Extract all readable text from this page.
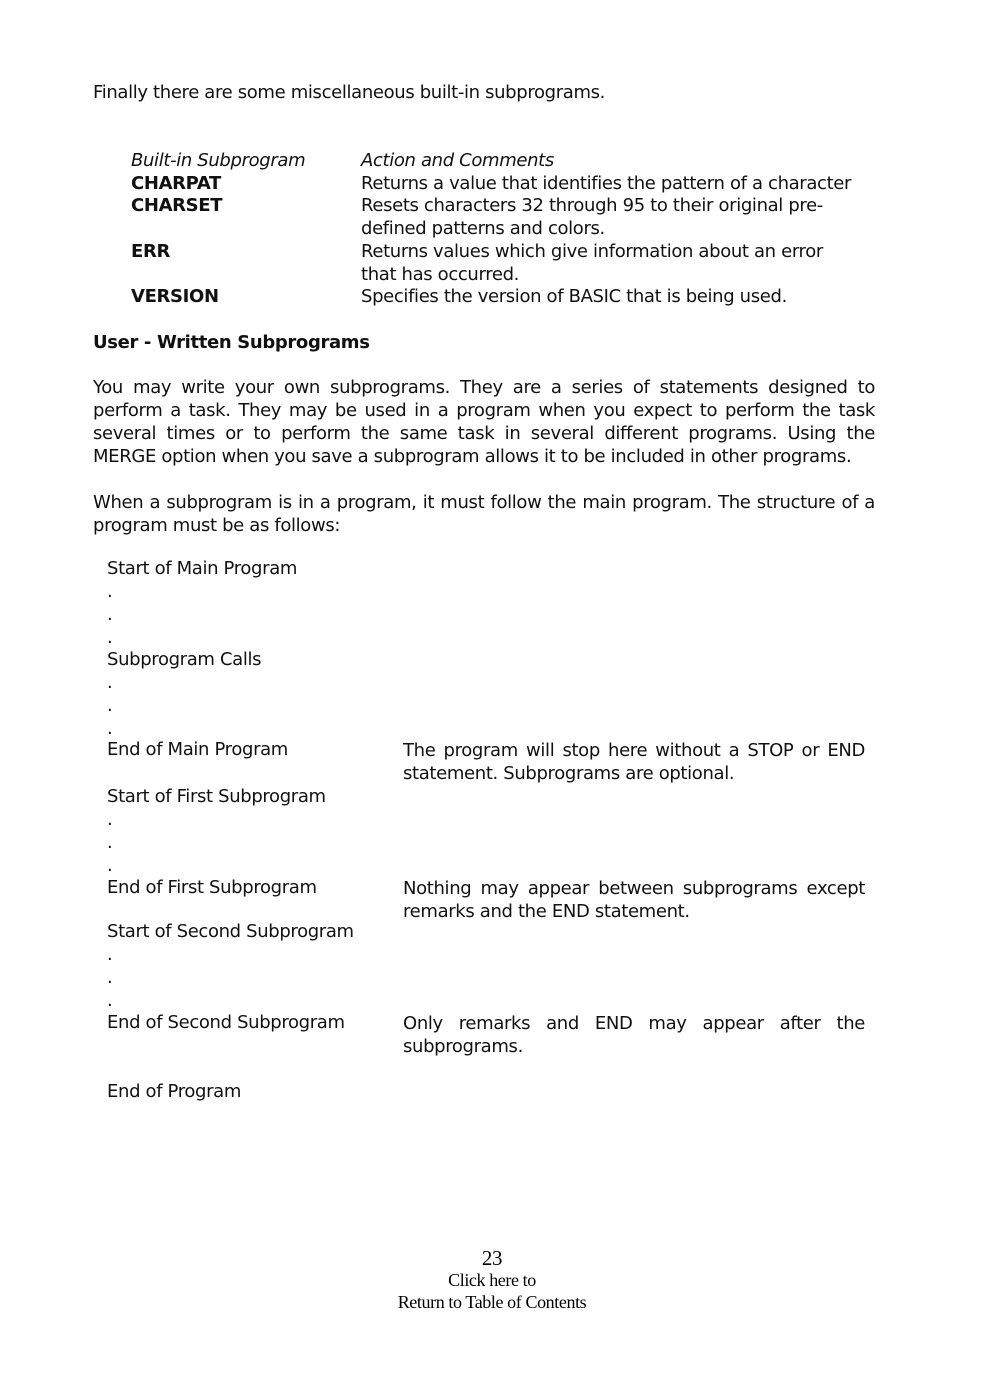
Finally there are some miscellaneous built-in subprograms.
Built-in Subprogram	Action and Comments
CHARPAT	Returns a value that identifies the pattern of a character
CHARSET	Resets characters 32 through 95 to their original pre-
defined patterns and colors.
ERR	Returns values which give information about an error
that has occurred.
VERSION	Specifies the version of BASIC that is being used.
User - Written Subprograms

You may write your own subprograms. They are a series of statements designed to perform a task. They may be used in a program when you expect to perform the task several times or to perform the same task in several different programs. Using the MERGE option when you save a subprogram allows it to be included in other programs.

When a subprogram is in a program, it must follow the main program. The structure of a program must be as follows:

Start of Main Program
.
.
.
Subprogram Calls
.
.
.
End of Main Program	The program will stop here without a STOP or END statement. Subprograms are optional.

Start of First Subprogram
.
.
.
End of First Subprogram	Nothing may appear between subprograms except remarks and the END statement.

Start of Second Subprogram
.
.
.
End of Second Subprogram	Only remarks and END may appear after the subprograms.

End of Program
23
Click here to
Return to Table of Contents
